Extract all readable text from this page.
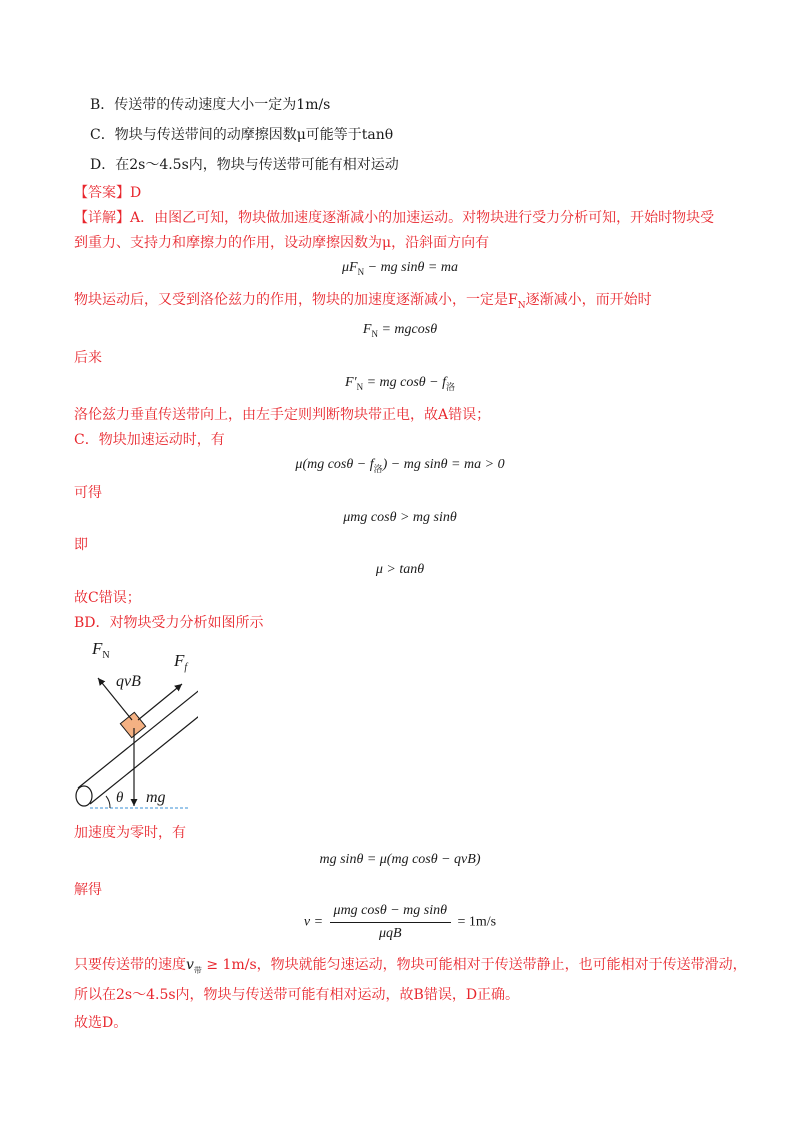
B．传送带的传动速度大小一定为1m/s
C．物块与传送带间的动摩擦因数μ可能等于tanθ
D．在2s～4.5s内，物块与传送带可能有相对运动
【答案】D
【详解】A．由图乙可知，物块做加速度逐渐减小的加速运动。对物块进行受力分析可知，开始时物块受
到重力、支持力和摩擦力的作用，设动摩擦因数为μ，沿斜面方向有
$\mu F_N$ − mg sinθ = ma
物块运动后，又受到洛伦兹力的作用，物块的加速度逐渐减小，一定是$F_N$逐渐减小，而开始时
$F_N = mgcos\theta$
后来
$F'_N$ = mg $\cos\theta - f_洛$
洛伦兹力垂直传送带向上，由左手定则判断物块带正电，故A错误；
C．物块加速运动时，有
μ(mg $\cos\theta - f_洛$) − mg sinθ = ma > 0
可得
μmg cosθ > mg sinθ
即
μ > tanθ
故C错误；
BD．对物块受力分析如图所示
$F_N$
qvB
$F_f$
θ mg
加速度为零时，有
mg sinθ = μ(mg cosθ − qvB)
解得
$v = \frac{\text{μmg cosθ − mg sinθ}}{\text{μqB}} = 1m/s$
只要传送带的速度$v_带 \ge 1m/s$，物块就能匀速运动，物块可能相对于传送带静止，也可能相对于传送带滑动，
所以在2s～4.5s内，物块与传送带可能有相对运动，故B错误，D正确。
故选D。
